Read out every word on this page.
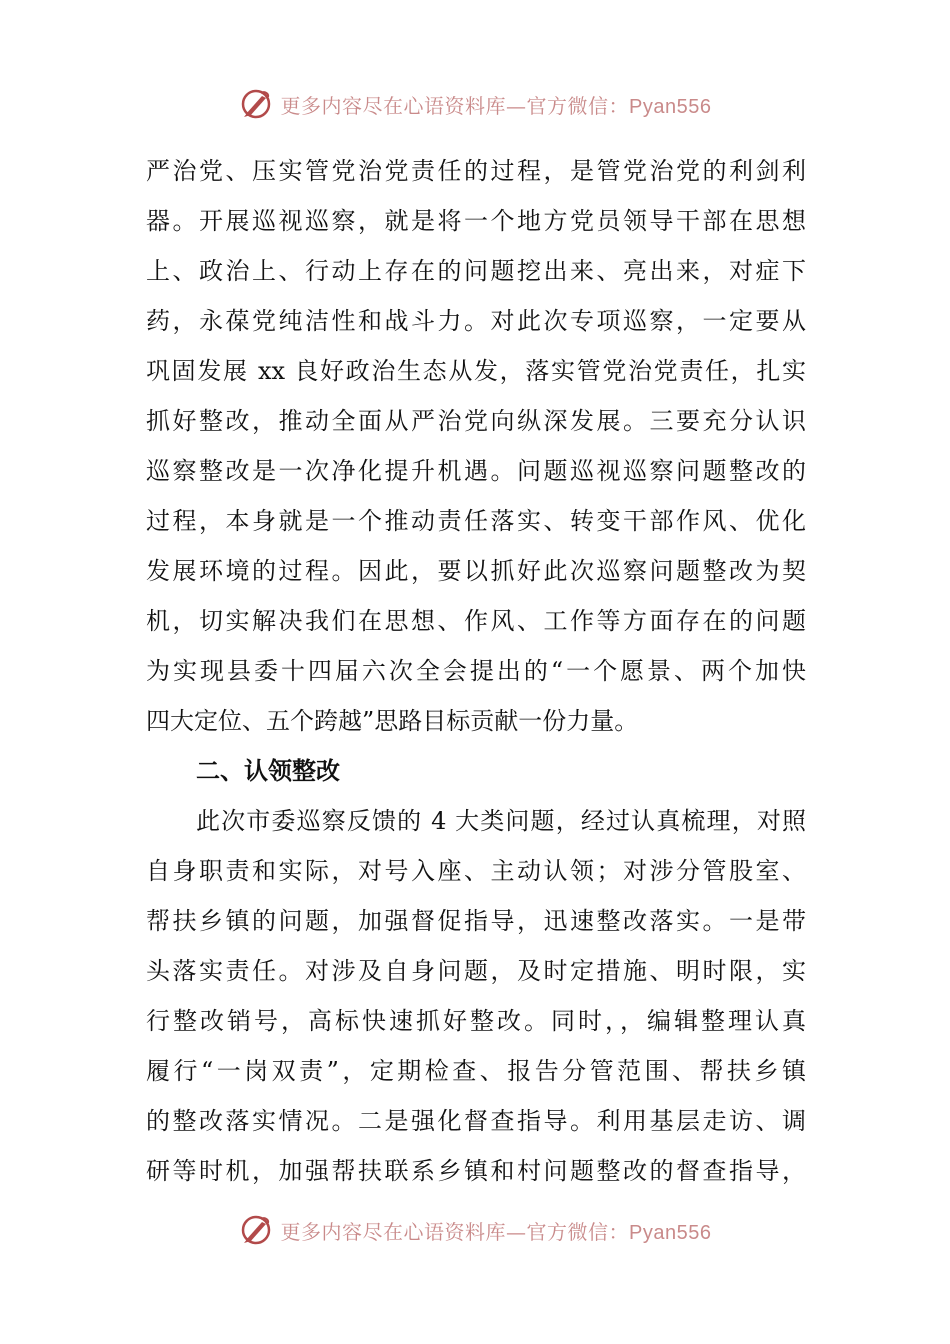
更多内容尽在心语资料库—官方微信：Pyan556
严治党、压实管党治党责任的过程，是管党治党的利剑利
器。开展巡视巡察，就是将一个地方党员领导干部在思想
上、政治上、行动上存在的问题挖出来、亮出来，对症下
药，永葆党纯洁性和战斗力。对此次专项巡察，一定要从
巩固发展 xx 良好政治生态从发，落实管党治党责任，扎实
抓好整改，推动全面从严治党向纵深发展。三要充分认识
巡察整改是一次净化提升机遇。问题巡视巡察问题整改的
过程，本身就是一个推动责任落实、转变干部作风、优化
发展环境的过程。因此，要以抓好此次巡察问题整改为契
机，切实解决我们在思想、作风、工作等方面存在的问题
为实现县委十四届六次全会提出的“一个愿景、两个加快
四大定位、五个跨越”思路目标贡献一份力量。
二、认领整改
此次市委巡察反馈的 4 大类问题，经过认真梳理，对照
自身职责和实际，对号入座、主动认领；对涉分管股室、
帮扶乡镇的问题，加强督促指导，迅速整改落实。一是带
头落实责任。对涉及自身问题，及时定措施、明时限，实
行整改销号，高标快速抓好整改。同时，，编辑整理认真
履行“一岗双责”，定期检查、报告分管范围、帮扶乡镇
的整改落实情况。二是强化督查指导。利用基层走访、调
研等时机，加强帮扶联系乡镇和村问题整改的督查指导，
更多内容尽在心语资料库—官方微信：Pyan556
